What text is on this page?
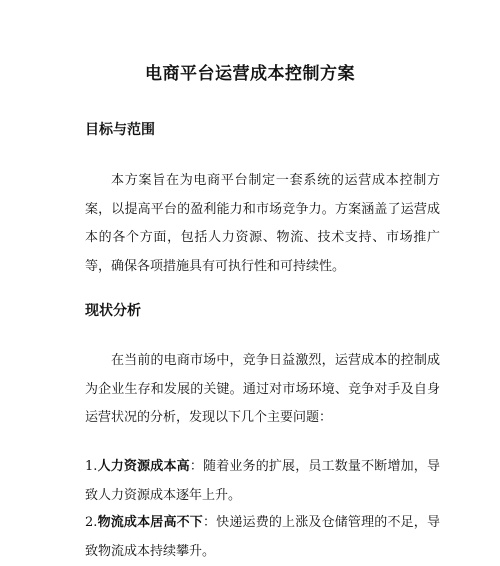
电商平台运营成本控制方案
目标与范围

本方案旨在为电商平台制定一套系统的运营成本控制方案，以提高平台的盈利能力和市场竞争力。方案涵盖了运营成本的各个方面，包括人力资源、物流、技术支持、市场推广等，确保各项措施具有可执行性和可持续性。

现状分析

在当前的电商市场中，竞争日益激烈，运营成本的控制成为企业生存和发展的关键。通过对市场环境、竞争对手及自身运营状况的分析，发现以下几个主要问题：

1.人力资源成本高：随着业务的扩展，员工数量不断增加，导致人力资源成本逐年上升。

2.物流成本居高不下：快递运费的上涨及仓储管理的不足，导致物流成本持续攀升。
